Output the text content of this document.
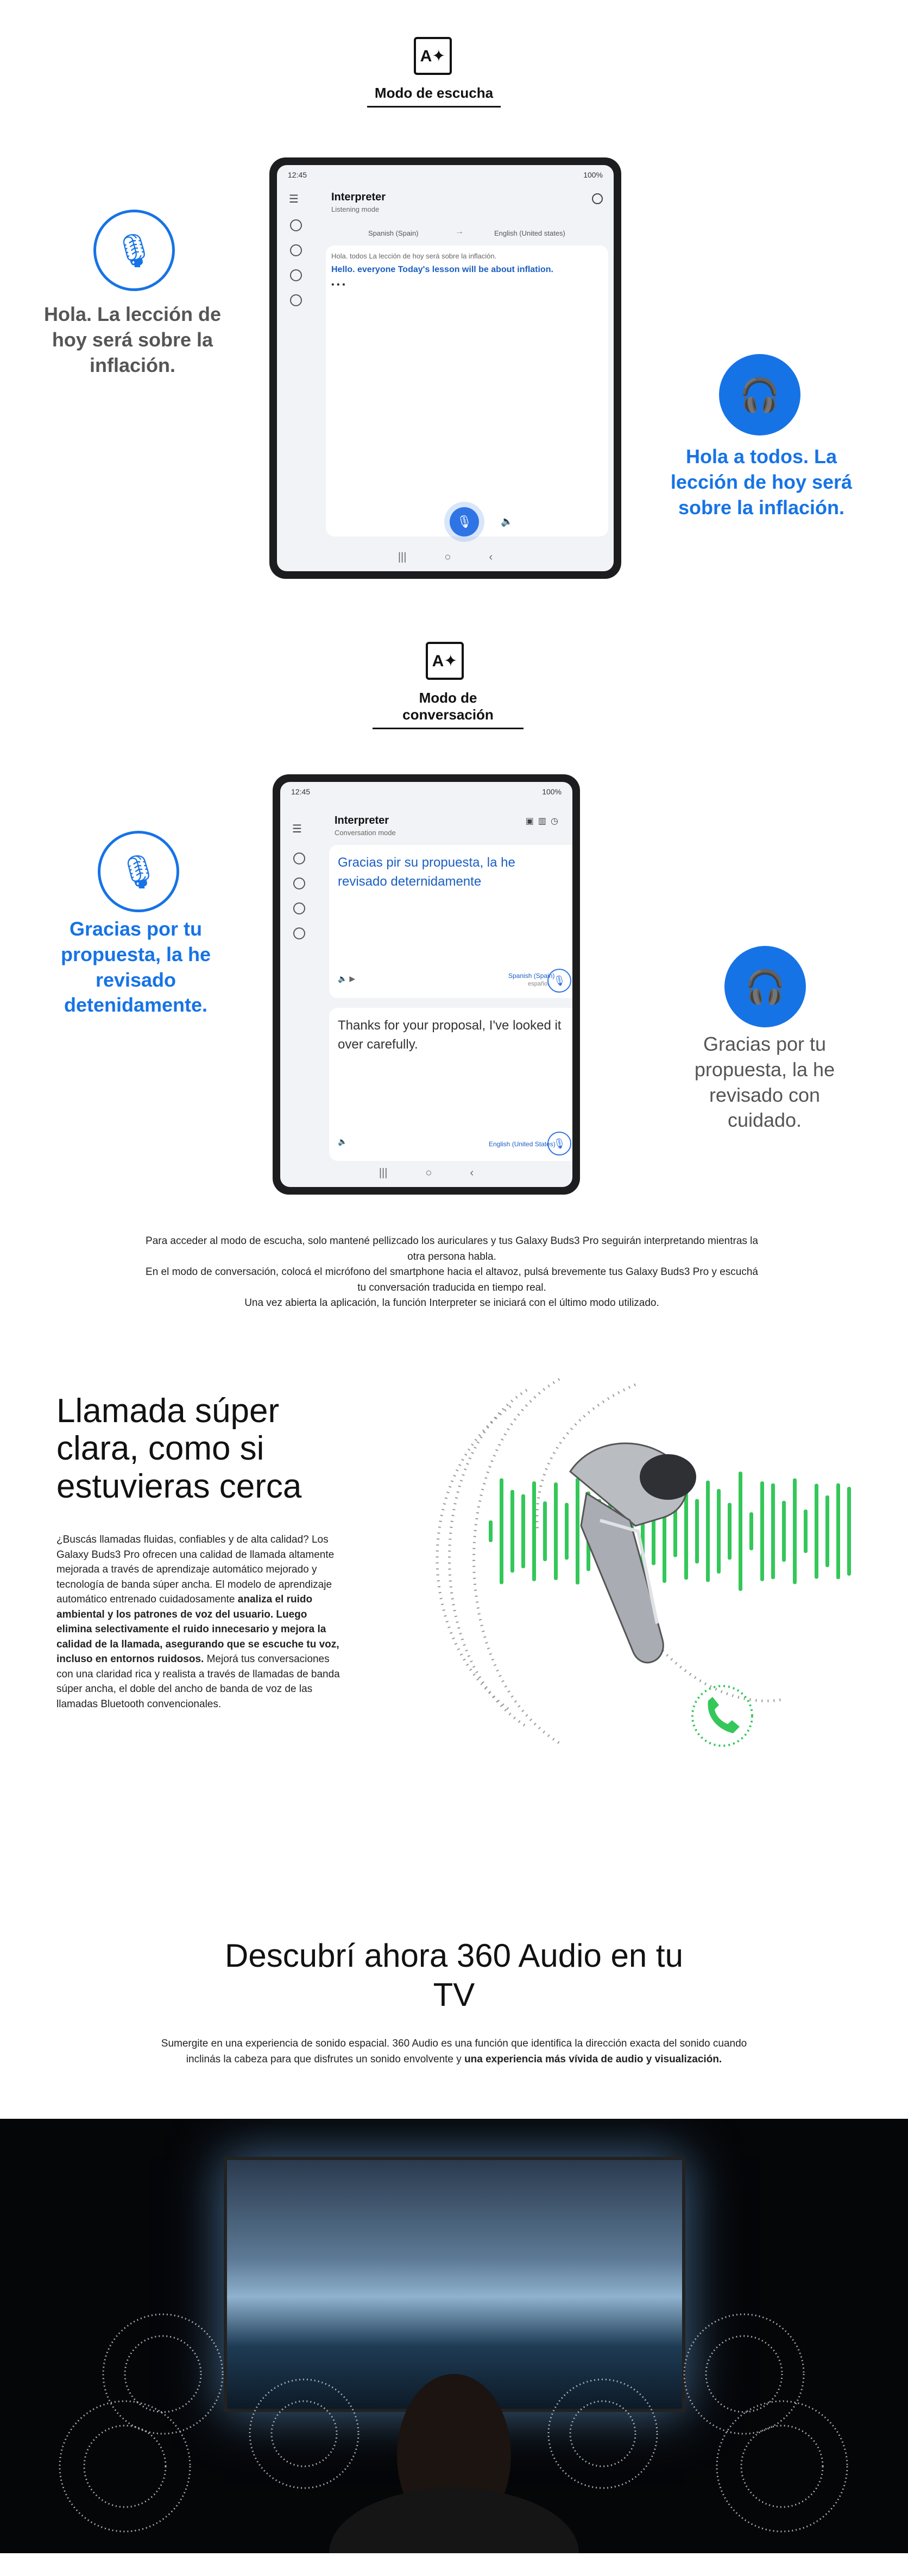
A✦
Modo de escucha
12:45	100%
☰	Interpreter
Listening mode
Spanish (Spain)	→	English (United states)
Hola. todos La lección de hoy será sobre la inflación.
Hello. everyone Today's lesson will be about inflation.
• • •
🎙	🔈
|||	○	‹
🎙
Hola. La lección de hoy será sobre la inflación.
🎧
Hola a todos. La lección de hoy será sobre la inflación.
A✦
Modo de conversación
12:45	100%
☰
Interpreter
Conversation mode
▣▥◷
Gracias pir su propuesta, la he revisado deternidamente
🔈 ▶	Spanish (Spain)
español 🎙
Thanks for your proposal, I've looked it over carefully.
🔈	English (United States)
🎙
|||	○	‹
🎙
Gracias por tu propuesta, la he revisado detenidamente.
🎧
Gracias por tu propuesta, la he revisado con cuidado.

Para acceder al modo de escucha, solo mantené pellizcado los auriculares y tus Galaxy Buds3 Pro seguirán interpretando mientras la otra persona habla.

En el modo de conversación, colocá el micrófono del smartphone hacia el altavoz, pulsá brevemente tus Galaxy Buds3 Pro y escuchá tu conversación traducida en tiempo real.

Una vez abierta la aplicación, la función Interpreter se iniciará con el último modo utilizado.

Llamada súper clara, como si estuvieras cerca
¿Buscás llamadas fluidas, confiables y de alta calidad? Los Galaxy Buds3 Pro ofrecen una calidad de llamada altamente mejorada a través de aprendizaje automático mejorado y tecnología de banda súper ancha. El modelo de aprendizaje automático entrenado cuidadosamente analiza el ruido ambiental y los patrones de voz del usuario. Luego elimina selectivamente el ruido innecesario y mejora la calidad de la llamada, asegurando que se escuche tu voz, incluso en entornos ruidosos. Mejorá tus conversaciones con una claridad rica y realista a través de llamadas de banda súper ancha, el doble del ancho de banda de voz de las llamadas Bluetooth convencionales.
Descubrí ahora 360 Audio en tu TV
Sumergite en una experiencia de sonido espacial. 360 Audio es una función que identifica la dirección exacta del sonido cuando inclinás la cabeza para que disfrutes un sonido envolvente y una experiencia más vívida de audio y visualización.
